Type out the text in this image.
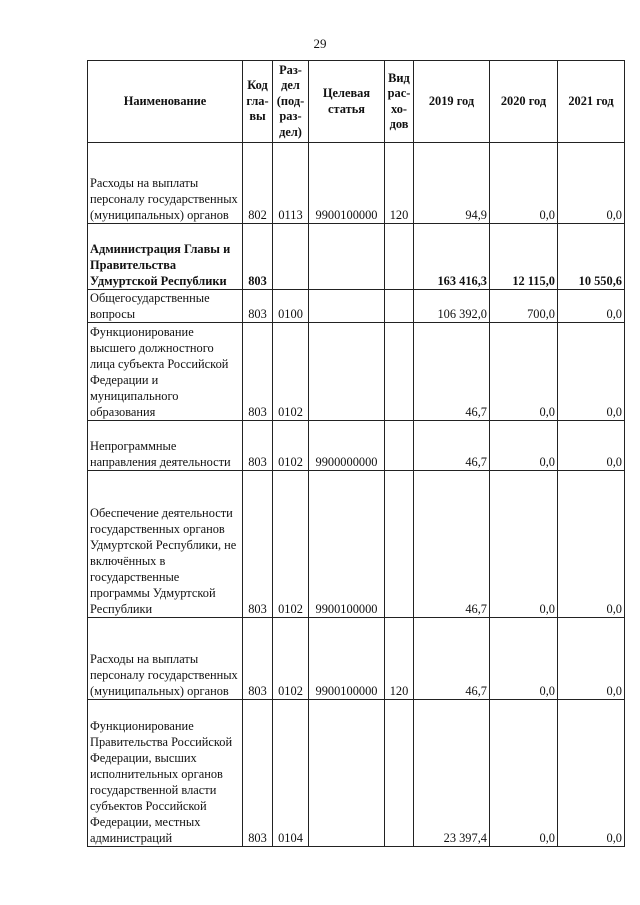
29
Наименование	Код гла- вы	Раз- дел (под- раз- дел)	Целевая статья	Вид рас- хо- дов	2019 год	2020 год	2021 год
Расходы на выплаты персоналу государственных (муниципальных) органов	802	0113	9900100000	120	94,9	0,0	0,0
Администрация Главы и Правительства Удмуртской Республики	803				163 416,3	12 115,0	10 550,6
Общегосударственные вопросы	803	0100			106 392,0	700,0	0,0
Функционирование высшего должностного лица субъекта Российской Федерации и муниципального образования	803	0102			46,7	0,0	0,0
Непрограммные направления деятельности	803	0102	9900000000		46,7	0,0	0,0
Обеспечение деятельности государственных органов Удмуртской Республики, не включённых в государственные программы Удмуртской Республики	803	0102	9900100000		46,7	0,0	0,0
Расходы на выплаты персоналу государственных (муниципальных) органов	803	0102	9900100000	120	46,7	0,0	0,0
Функционирование Правительства Российской Федерации, высших исполнительных органов государственной власти субъектов Российской Федерации, местных администраций	803	0104			23 397,4	0,0	0,0
